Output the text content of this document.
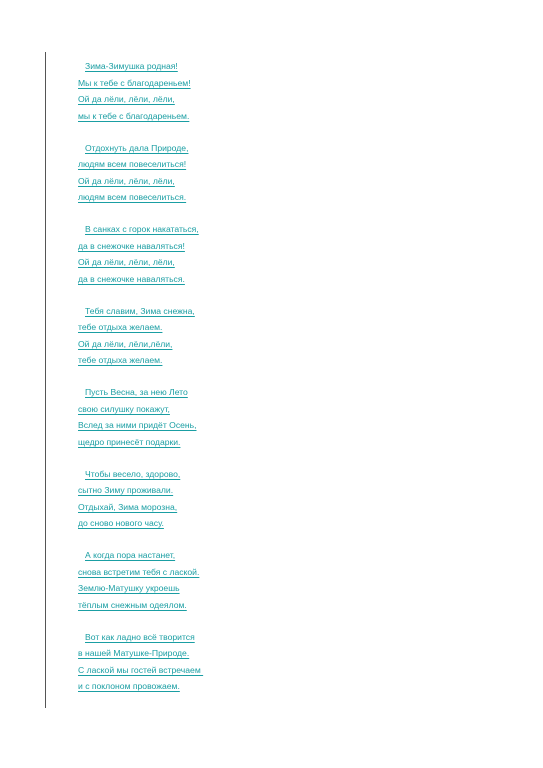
Зима-Зимушка родная!
Мы к тебе с благодареньем!
Ой да лёли, лёли, лёли,
мы к тебе с благодареньем.
Отдохнуть дала Природе,
людям всем повеселиться!
Ой да лёли, лёли, лёли,
людям всем повеселиться.
В санках с горок накататься,
да в снежочке наваляться!
Ой да лёли, лёли, лёли,
да в снежочке наваляться.
Тебя славим, Зима снежна,
тебе отдыха желаем.
Ой да лёли, лёли,лёли,
тебе отдыха желаем.
Пусть Весна, за нею Лето
свою силушку покажут,
Вслед за ними придёт Осень,
щедро принесёт подарки.
Чтобы весело, здорово,
сытно Зиму проживали.
Отдыхай, Зима морозна,
до сново нового часу.
А когда пора настанет,
снова встретим тебя с лаской.
Землю-Матушку укроешь
тёплым снежным одеялом.
Вот как ладно всё творится
в нашей Матушке-Природе.
С лаской мы гостей встречаем
и с поклоном провожаем.
